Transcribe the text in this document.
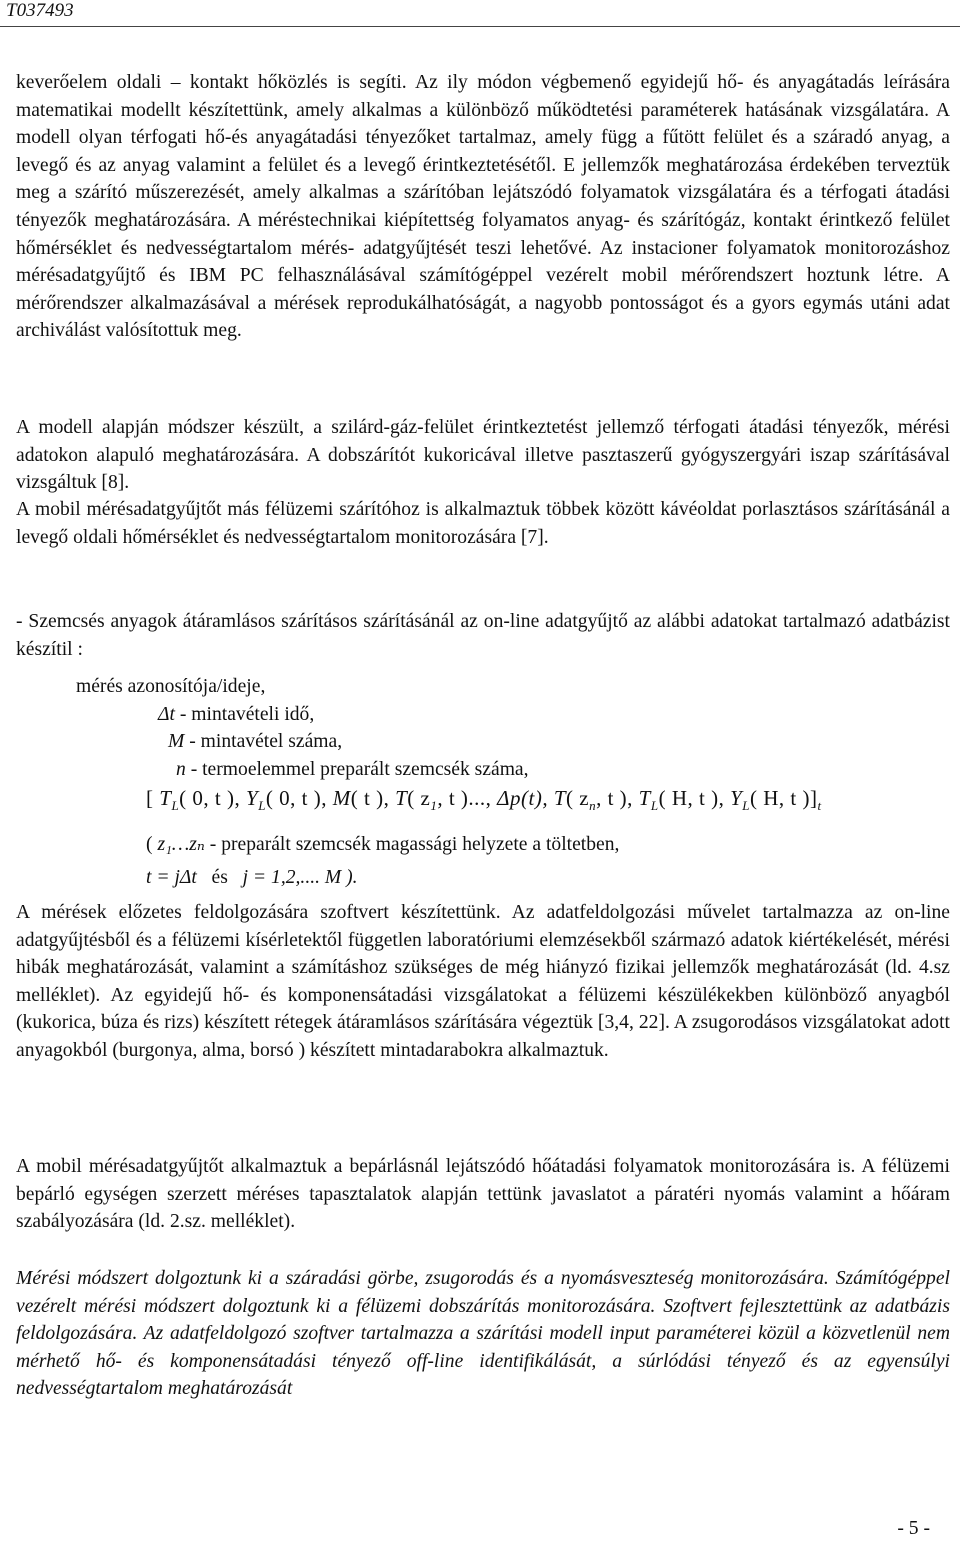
T037493

keverőelem oldali – kontakt hőközlés is segíti. Az ily módon végbemenő egyidejű hő- és anyagátadás leírására matematikai modellt készítettünk, amely alkalmas a különböző működtetési paraméterek hatásának vizsgálatára. A modell olyan térfogati hő-és anyagátadási tényezőket tartalmaz, amely függ a fűtött felület és a száradó anyag, a levegő és az anyag valamint a felület és a levegő érintkeztetésétől. E jellemzők meghatározása érdekében terveztük meg a szárító műszerezését, amely alkalmas a szárítóban lejátszódó folyamatok vizsgálatára és a térfogati átadási tényezők meghatározására. A méréstechnikai kiépítettség folyamatos anyag- és szárítógáz, kontakt érintkező felület hőmérséklet és nedvességtartalom mérés- adatgyűjtését teszi lehetővé. Az instacioner folyamatok monitorozáshoz mérésadatgyűjtő és IBM PC felhasználásával számítógéppel vezérelt mobil mérőrendszert hoztunk létre. A mérőrendszer alkalmazásával a mérések reprodukálhatóságát, a nagyobb pontosságot és a gyors egymás utáni adat archiválást valósítottuk meg.

A modell alapján módszer készült, a szilárd-gáz-felület érintkeztetést jellemző térfogati átadási tényezők, mérési adatokon alapuló meghatározására. A dobszárítót kukoricával illetve pasztaszerű gyógyszergyári iszap szárításával vizsgáltuk [8].

A mobil mérésadatgyűjtőt más félüzemi szárítóhoz is alkalmaztuk többek között kávéoldat porlasztásos szárításánál a levegő oldali hőmérséklet és nedvességtartalom monitorozására [7].

- Szemcsés anyagok átáramlásos szárításos szárításánál az on-line adatgyűjtő az alábbi adatokat tartalmazó adatbázist készítil :

mérés azonosítója/ideje,
Δt - mintavételi idő,
M - mintavétel száma,
n - termoelemmel preparált szemcsék száma,
[ $T_L$( 0, t ), $Y_L$( 0, t ), M( t ), T( $z_1$, t )..., Δp(t), T( $z_n$, t ), $T_L$( H, t ), $Y_L$( H, t )]$_t$
( z₁…zₙ - preparált szemcsék magassági helyzete a töltetben,
t = jΔt   és   j = 1,2,.... M ).

A mérések előzetes feldolgozására szoftvert készítettünk. Az adatfeldolgozási művelet tartalmazza az on-line adatgyűjtésből és a félüzemi kísérletektől független laboratóriumi elemzésekből származó adatok kiértékelését, mérési hibák meghatározását, valamint a számításhoz szükséges de még hiányzó fizikai jellemzők meghatározását (ld. 4.sz melléklet). Az egyidejű hő- és komponensátadási vizsgálatokat a félüzemi készülékekben különböző anyagból (kukorica, búza és rizs) készített rétegek átáramlásos szárítására végeztük [3,4, 22]. A zsugorodásos vizsgálatokat adott anyagokból (burgonya, alma, borsó ) készített mintadarabokra alkalmaztuk.

A mobil mérésadatgyűjtőt alkalmaztuk a bepárlásnál lejátszódó hőátadási folyamatok monitorozására is. A félüzemi bepárló egységen szerzett méréses tapasztalatok alapján tettünk javaslatot a páratéri nyomás valamint a hőáram szabályozására (ld. 2.sz. melléklet).

Mérési módszert dolgoztunk ki a száradási görbe, zsugorodás és a nyomásveszteség monitorozására. Számítógéppel vezérelt mérési módszert dolgoztunk ki a félüzemi dobszárítás monitorozására. Szoftvert fejlesztettünk az adatbázis feldolgozására. Az adatfeldolgozó szoftver tartalmazza a szárítási modell input paraméterei közül a közvetlenül nem mérhető hő- és komponensátadási tényező off-line identifikálását, a súrlódási tényező és az egyensúlyi nedvességtartalom meghatározását

- 5 -
